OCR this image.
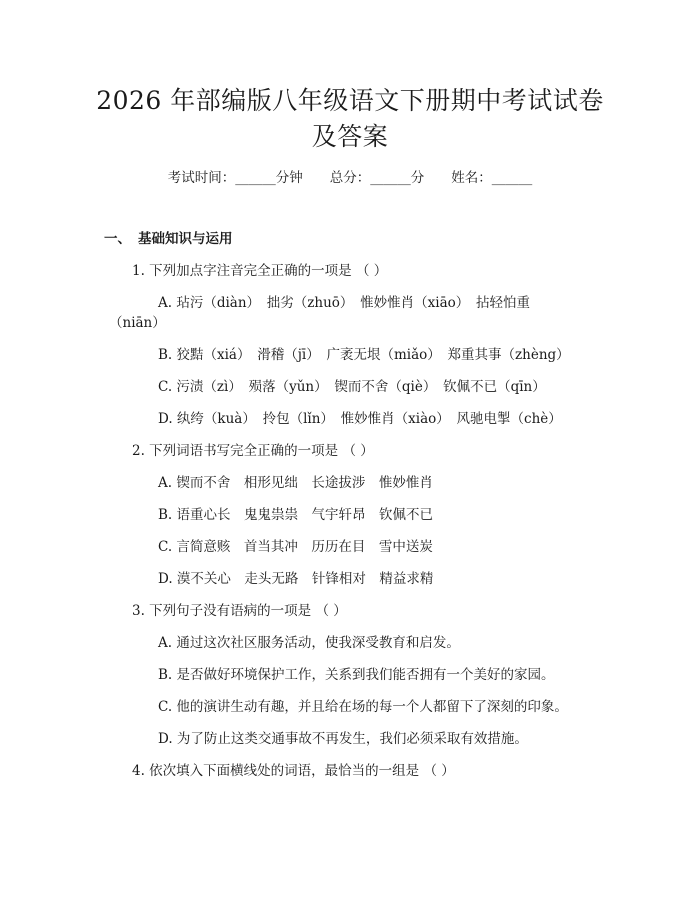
2026 年部编版八年级语文下册期中考试试卷
及答案
考试时间：______分钟　　总分：______分　　姓名：______
一、 基础知识与运用
1. 下列加点字注音完全正确的一项是 （ ）
A. 玷污（diàn）　拙劣（zhuō）　惟妙惟肖（xiāo）　拈轻怕重
（niān）
B. 狡黠（xiá）　滑稽（jī）　广袤无垠（miǎo）　郑重其事（zhèng）
C. 污渍（zì）　殒落（yǔn）　锲而不舍（qiè）　钦佩不已（qīn）
D. 纨绔（kuà）　拎包（lǐn）　惟妙惟肖（xiào）　风驰电掣（chè）
2. 下列词语书写完全正确的一项是 （ ）
A. 锲而不舍　相形见绌　长途拔涉　惟妙惟肖
B. 语重心长　鬼鬼祟祟　气宇轩昂　钦佩不已
C. 言简意赅　首当其冲　历历在目　雪中送炭
D. 漠不关心　走头无路　针锋相对　精益求精
3. 下列句子没有语病的一项是 （ ）
A. 通过这次社区服务活动，使我深受教育和启发。
B. 是否做好环境保护工作，关系到我们能否拥有一个美好的家园。
C. 他的演讲生动有趣，并且给在场的每一个人都留下了深刻的印象。
D. 为了防止这类交通事故不再发生，我们必须采取有效措施。
4. 依次填入下面横线处的词语，最恰当的一组是 （ ）
